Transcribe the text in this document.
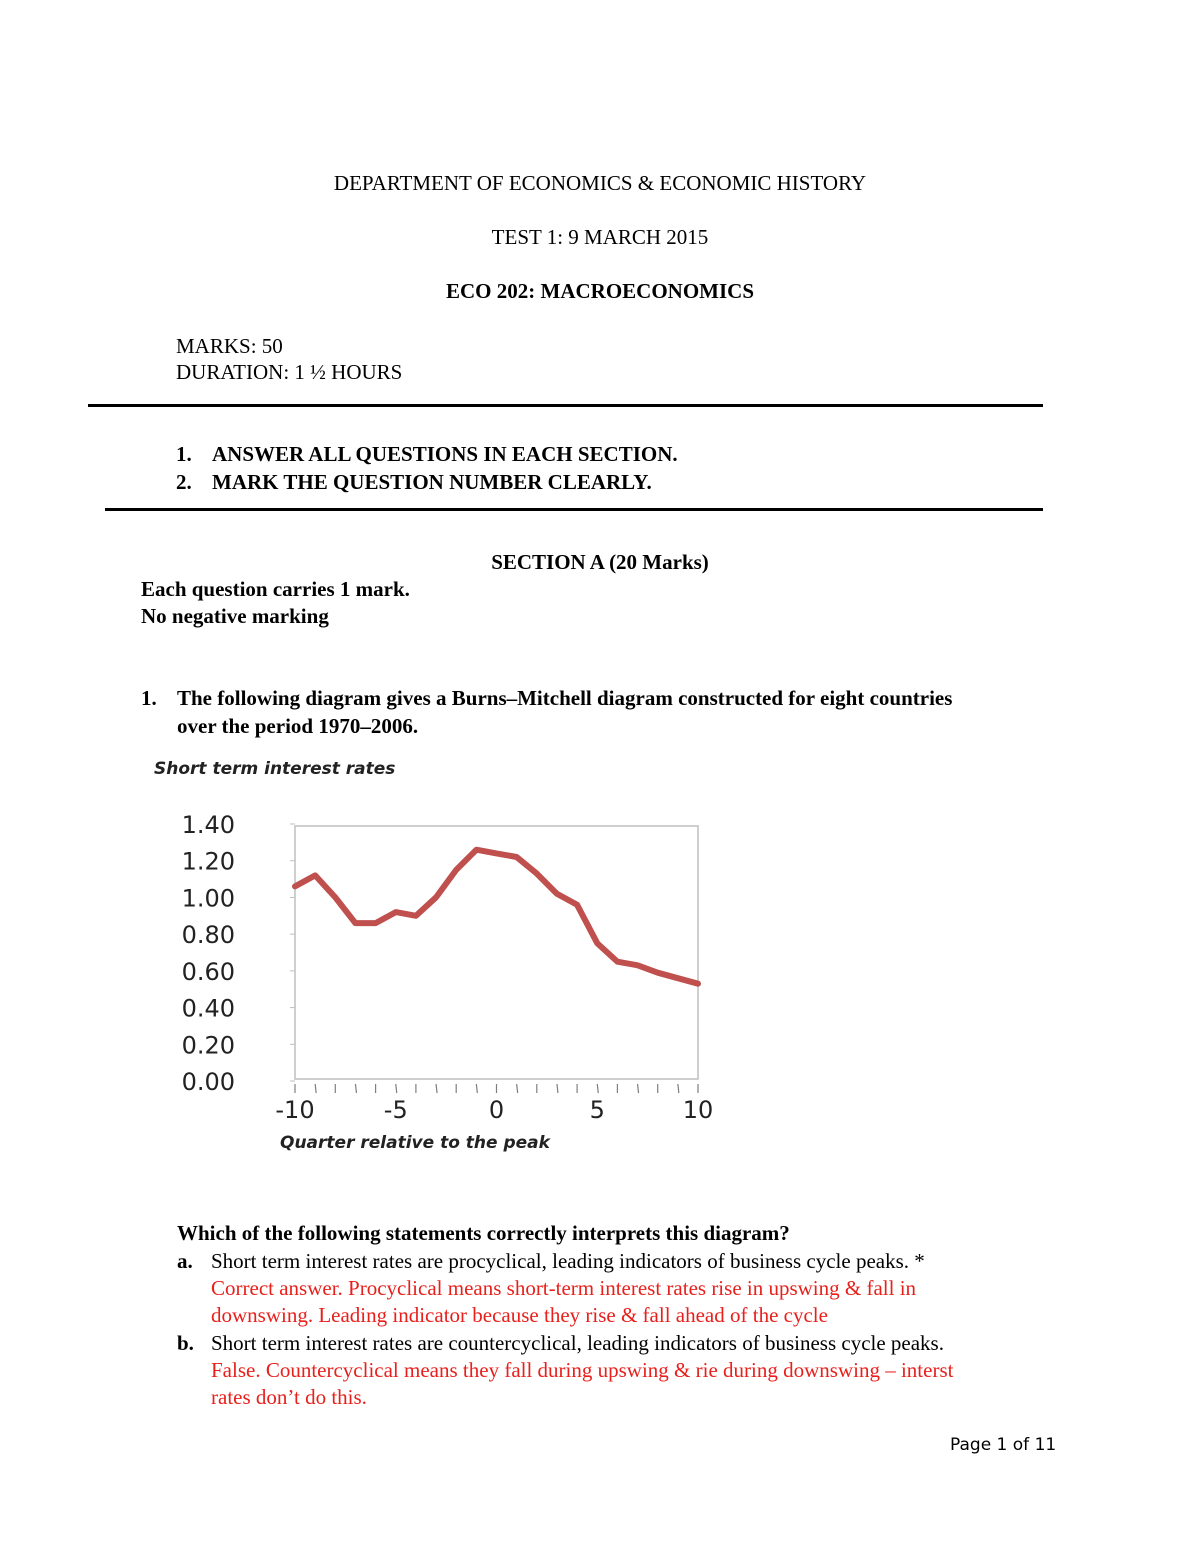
DEPARTMENT OF ECONOMICS & ECONOMIC HISTORY
TEST 1: 9 MARCH 2015
ECO 202: MACROECONOMICS
MARKS: 50
DURATION: 1 ½ HOURS
1. ANSWER ALL QUESTIONS IN EACH SECTION.
2. MARK THE QUESTION NUMBER CLEARLY.
SECTION A (20 Marks)
Each question carries 1 mark.
No negative marking
1. The following diagram gives a Burns–Mitchell diagram constructed for eight countries
over the period 1970–2006.
Short term interest rates
1.40
1.20
1.00
0.80
0.60
0.40
0.20
0.00
-10	-5	0	5	10
Quarter relative to the peak
Which of the following statements correctly interprets this diagram?
a. Short term interest rates are procyclical, leading indicators of business cycle peaks. *
Correct answer. Procyclical means short-term interest rates rise in upswing & fall in
downswing. Leading indicator because they rise & fall ahead of the cycle
b. Short term interest rates are countercyclical, leading indicators of business cycle peaks.
False. Countercyclical means they fall during upswing & rie during downswing – interst
rates don’t do this.
Page 1 of 11
